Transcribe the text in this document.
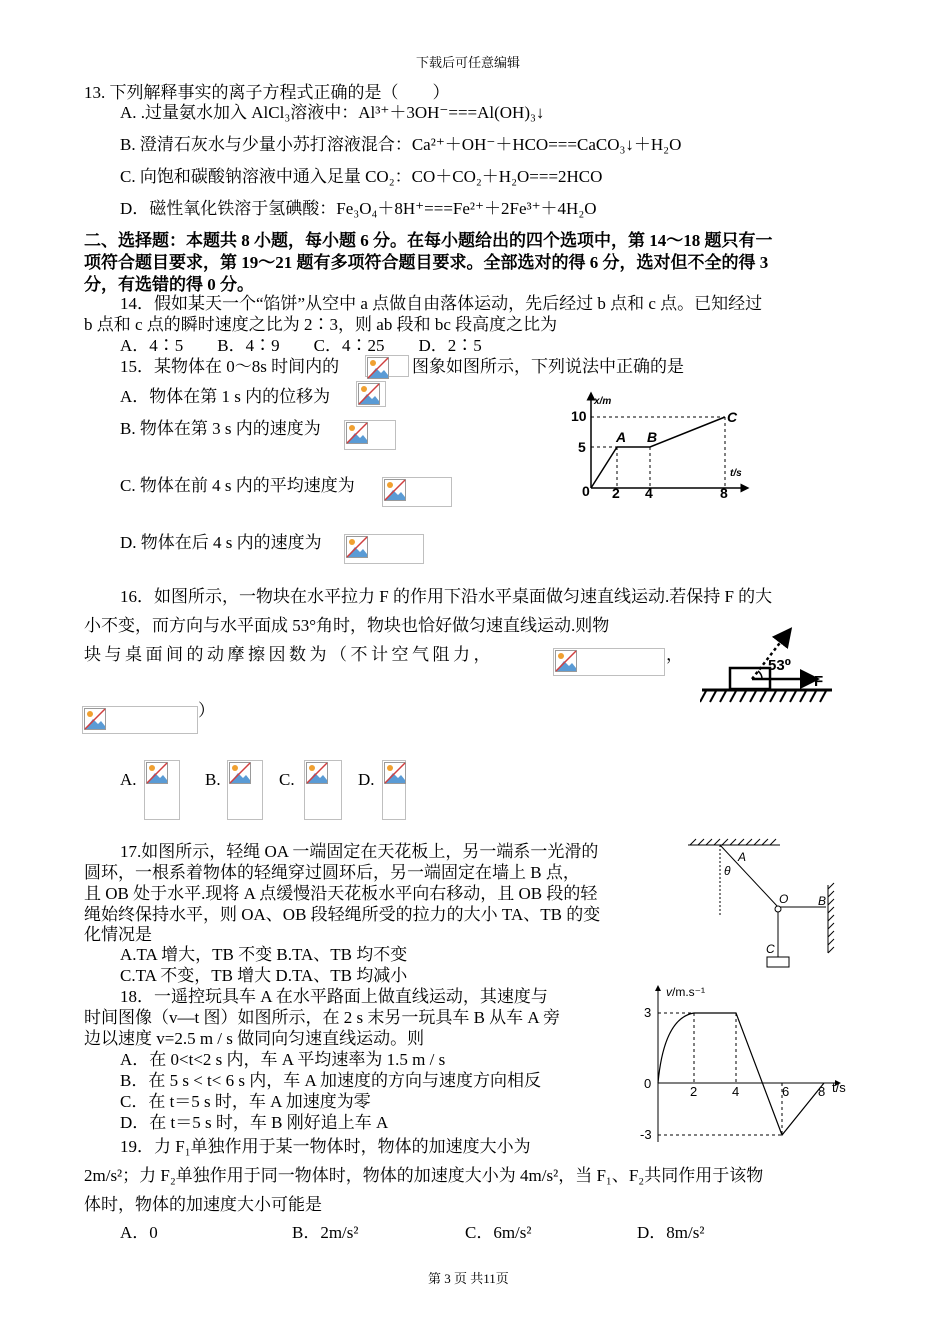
下载后可任意编辑
13. 下列解释事实的离子方程式正确的是（　　）
A. .过量氨水加入 AlCl₃溶液中：Al³⁺＋3OH⁻===Al(OH)₃↓
B. 澄清石灰水与少量小苏打溶液混合：Ca²⁺＋OH⁻＋HCO===CaCO₃↓＋H₂O
C. 向饱和碳酸钠溶液中通入足量 CO₂：CO＋CO₂＋H₂O===2HCO
D．磁性氧化铁溶于氢碘酸：Fe₃O₄＋8H⁺===Fe²⁺＋2Fe³⁺＋4H₂O
二、选择题：本题共 8 小题，每小题 6 分。在每小题给出的四个选项中，第 14～18 题只有一
项符合题目要求，第 19～21 题有多项符合题目要求。全部选对的得 6 分，选对但不全的得 3
分，有选错的得 0 分。
14．假如某天一个“馅饼”从空中 a 点做自由落体运动，先后经过 b 点和 c 点。已知经过
b 点和 c 点的瞬时速度之比为 2∶3，则 ab 段和 bc 段高度之比为
A．4∶5　　B．4∶9　　C．4∶25　　D．2∶5
15．某物体在 0～8s 时间内的	图象如图所示，下列说法中正确的是
A．物体在第 1 s 内的位移为
B. 物体在第 3 s 内的速度为
C. 物体在前 4 s 内的平均速度为
D. 物体在后 4 s 内的速度为
x/m
t/s
10
5
0 2 4	8
A B
C
16．如图所示，一物块在水平拉力 F 的作用下沿水平桌面做匀速直线运动.若保持 F 的大
小不变，而方向与水平面成 53°角时，物块也恰好做匀速直线运动.则物
块与桌面间的动摩擦因数为（不计空气阻力，	，
）
A.	B.	C.	D.
53⁰
F
17.如图所示，轻绳 OA 一端固定在天花板上，另一端系一光滑的
圆环，一根系着物体的轻绳穿过圆环后，另一端固定在墙上 B 点，
且 OB 处于水平.现将 A 点缓慢沿天花板水平向右移动，且 OB 段的轻
绳始终保持水平，则 OA、OB 段轻绳所受的拉力的大小 TA、TB 的变
化情况是
A.TA 增大，TB 不变 B.TA、TB 均不变
C.TA 不变，TB 增大 D.TA、TB 均减小
A
θ
O B
C
18．一遥控玩具车 A 在水平路面上做直线运动，其速度与
时间图像（v—t 图）如图所示，在 2 s 末另一玩具车 B 从车 A 旁
边以速度 v=2.5 m / s 做同向匀速直线运动。则
A．在 0<t<2 s 内，车 A 平均速率为 1.5 m / s
B．在 5 s < t< 6 s 内，车 A 加速度的方向与速度方向相反
C．在 t＝5 s 时，车 A 加速度为零
D．在 t＝5 s 时，车 B 刚好追上车 A
v/m.s⁻¹
3
-3
0
2	4	6 8 t/s
19．力 F₁单独作用于某一物体时，物体的加速度大小为
2m/s²；力 F₂单独作用于同一物体时，物体的加速度大小为 4m/s²，当 F₁、F₂共同作用于该物
体时，物体的加速度大小可能是
A．0	B．2m/s²	C．6m/s²	D．8m/s²
第 3 页 共11页
